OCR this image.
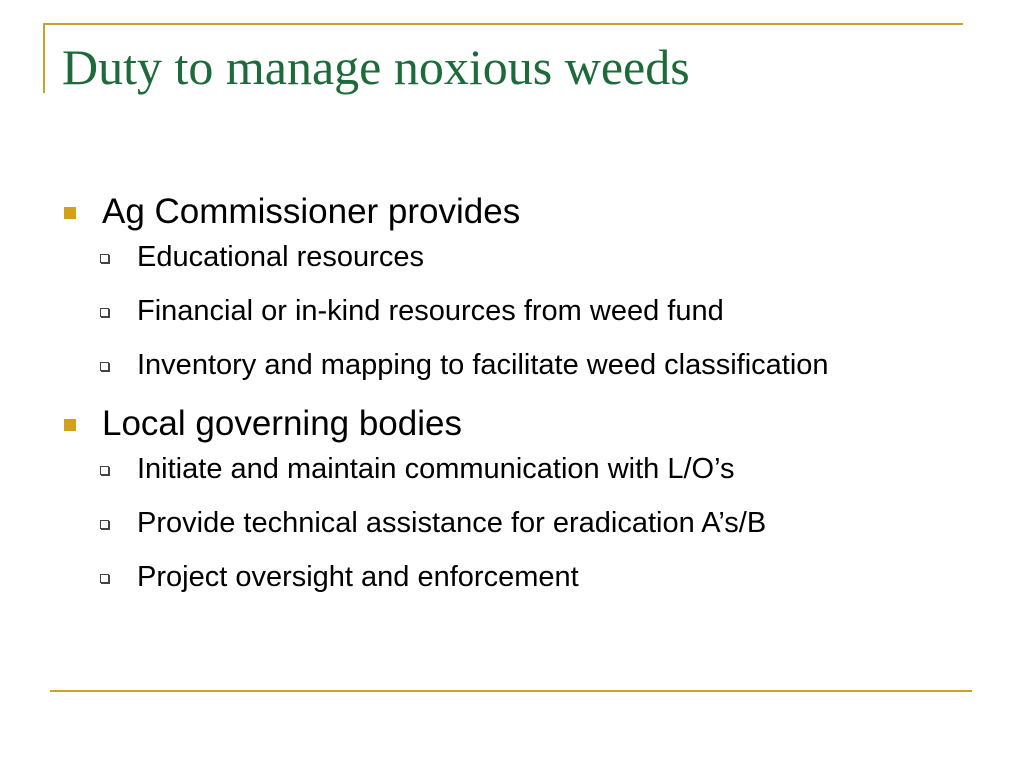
Duty to manage noxious weeds
Ag Commissioner provides
Educational resources
Financial or in-kind resources from weed fund
Inventory and mapping to facilitate weed classification
Local governing bodies
Initiate and maintain communication with L/O’s
Provide technical assistance for eradication A’s/B
Project oversight and enforcement
